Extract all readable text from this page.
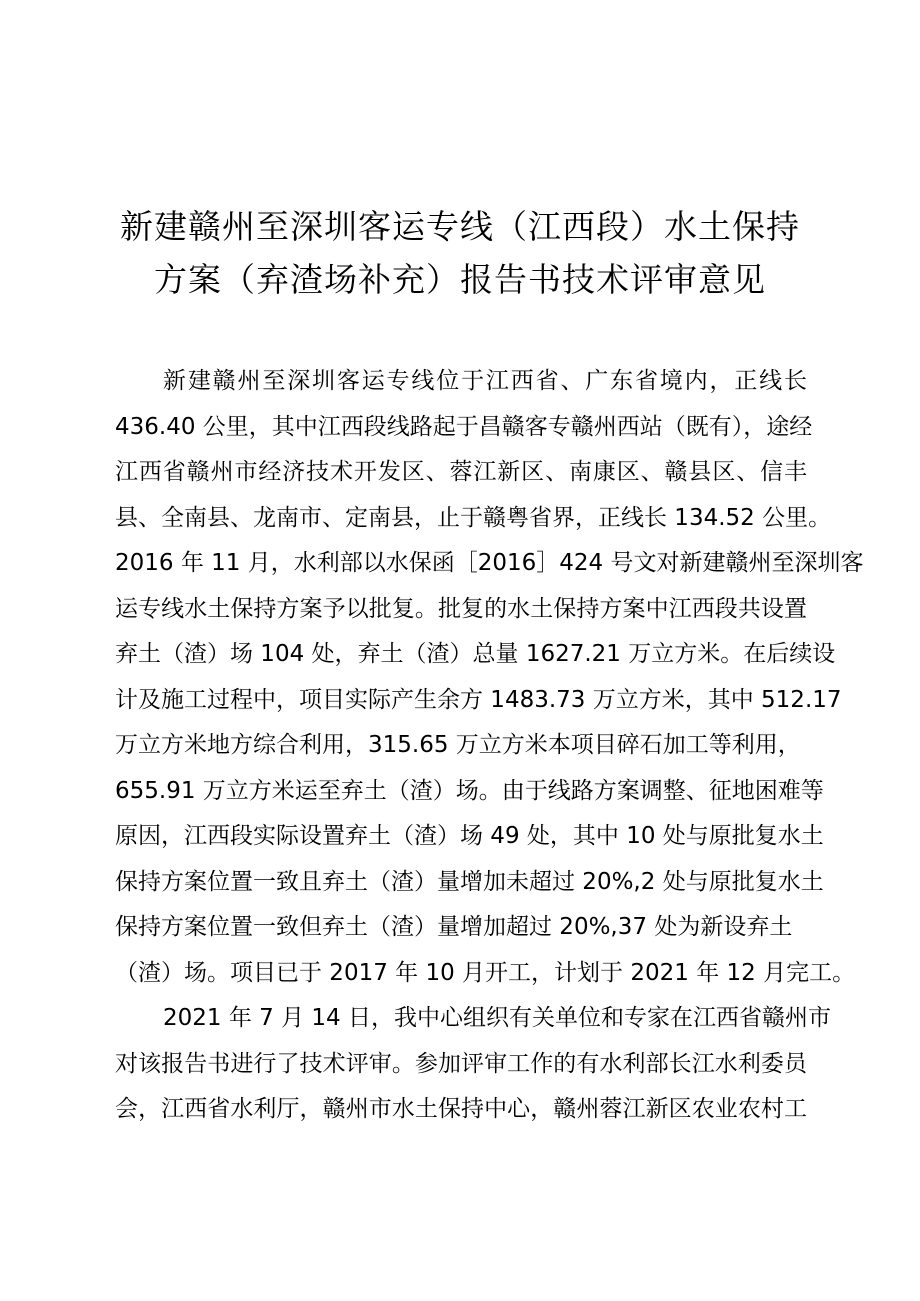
新建赣州至深圳客运专线（江西段）水土保持
方案（弃渣场补充）报告书技术评审意见
新建赣州至深圳客运专线位于江西省、广东省境内，正线长
436.40 公里，其中江西段线路起于昌赣客专赣州西站（既有），途经
江西省赣州市经济技术开发区、蓉江新区、南康区、赣县区、信丰
县、全南县、龙南市、定南县，止于赣粤省界，正线长 134.52 公里。
2016 年 11 月，水利部以水保函［2016］424 号文对新建赣州至深圳客
运专线水土保持方案予以批复。批复的水土保持方案中江西段共设置
弃土（渣）场 104 处，弃土（渣）总量 1627.21 万立方米。在后续设
计及施工过程中，项目实际产生余方 1483.73 万立方米，其中 512.17
万立方米地方综合利用，315.65 万立方米本项目碎石加工等利用，
655.91 万立方米运至弃土（渣）场。由于线路方案调整、征地困难等
原因，江西段实际设置弃土（渣）场 49 处，其中 10 处与原批复水土
保持方案位置一致且弃土（渣）量增加未超过 20%,2 处与原批复水土
保持方案位置一致但弃土（渣）量增加超过 20%,37 处为新设弃土
（渣）场。项目已于 2017 年 10 月开工，计划于 2021 年 12 月完工。
2021 年 7 月 14 日，我中心组织有关单位和专家在江西省赣州市
对该报告书进行了技术评审。参加评审工作的有水利部长江水利委员
会，江西省水利厅，赣州市水土保持中心，赣州蓉江新区农业农村工
